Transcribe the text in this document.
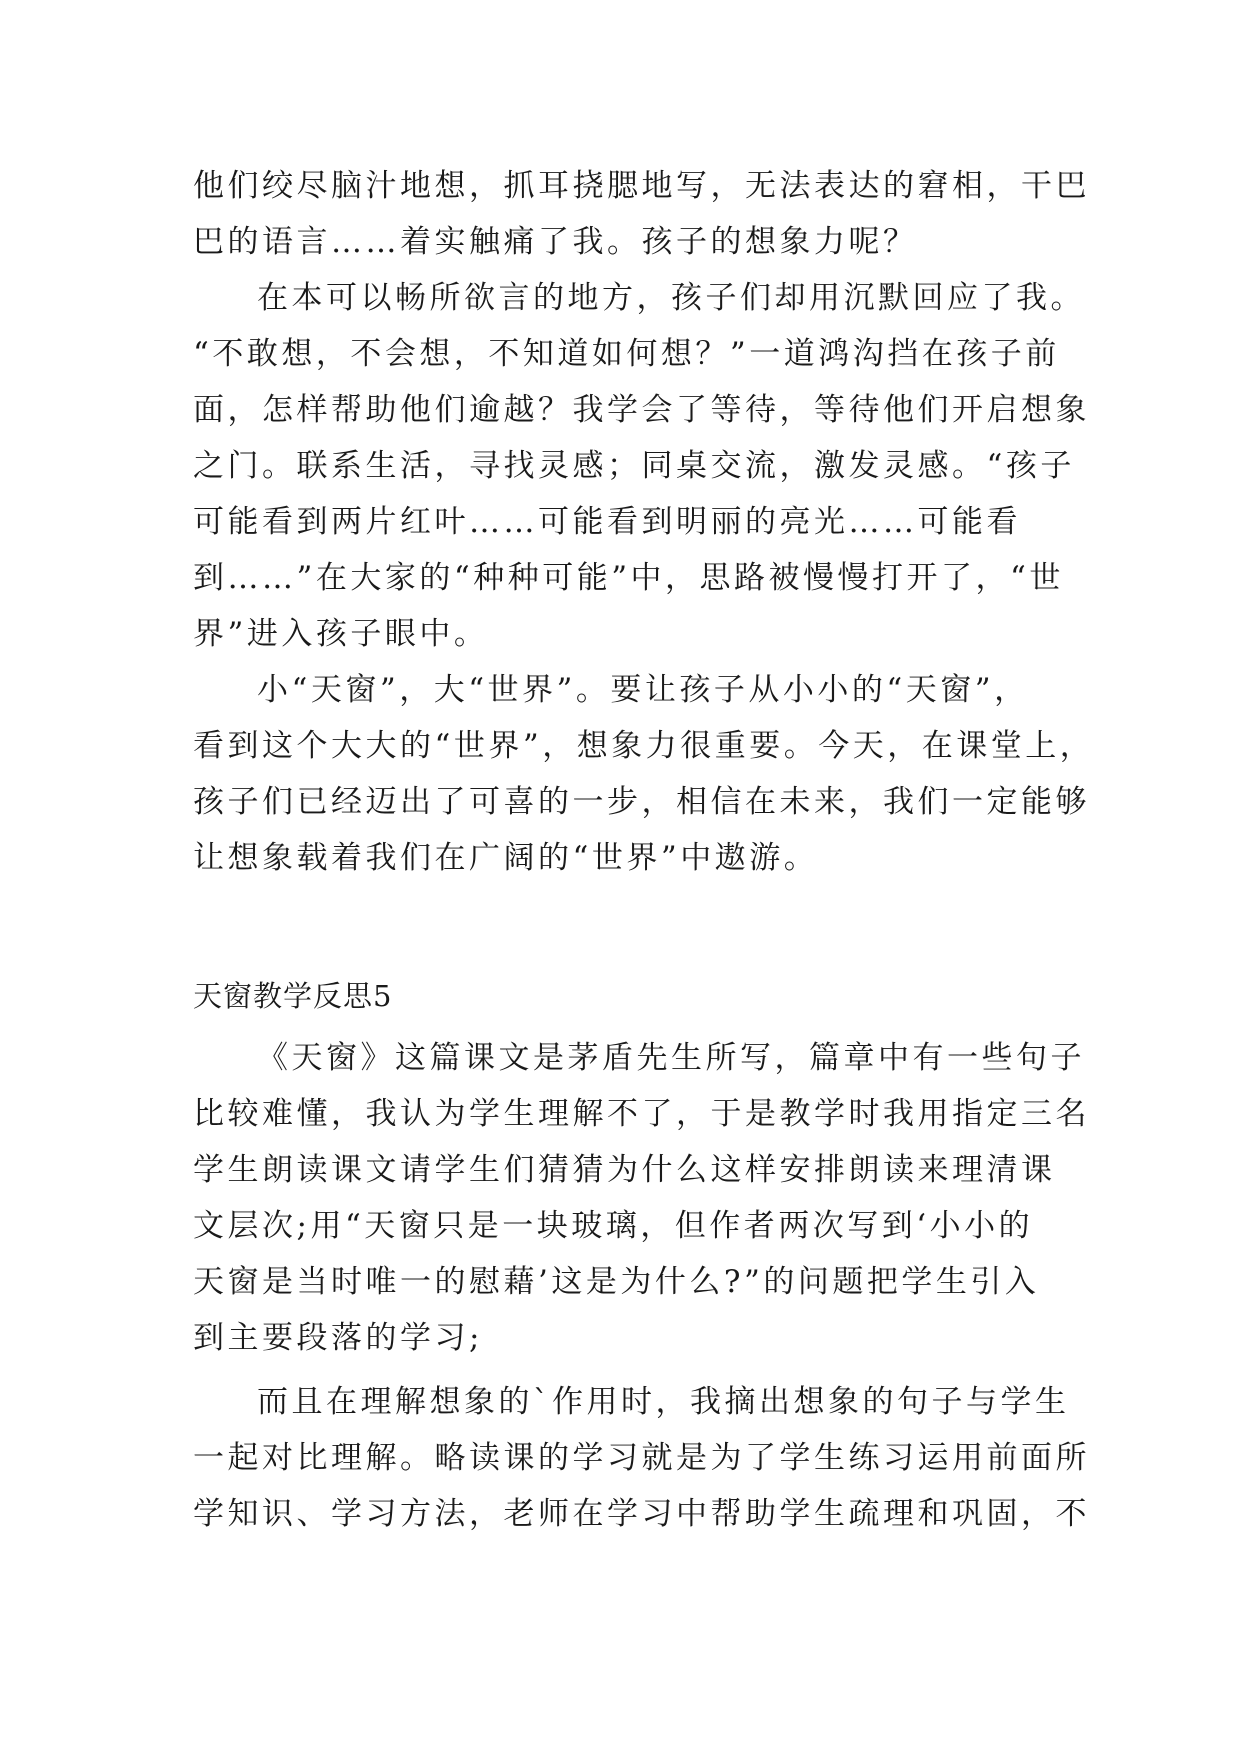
他们绞尽脑汁地想，抓耳挠腮地写，无法表达的窘相，干巴
巴的语言……着实触痛了我。孩子的想象力呢？
在本可以畅所欲言的地方，孩子们却用沉默回应了我。
“不敢想，不会想，不知道如何想？”一道鸿沟挡在孩子前
面，怎样帮助他们逾越？我学会了等待，等待他们开启想象
之门。联系生活，寻找灵感；同桌交流，激发灵感。“孩子
可能看到两片红叶……可能看到明丽的亮光……可能看
到……”在大家的“种种可能”中，思路被慢慢打开了，“世
界”进入孩子眼中。
小“天窗”，大“世界”。要让孩子从小小的“天窗”，
看到这个大大的“世界”，想象力很重要。今天，在课堂上，
孩子们已经迈出了可喜的一步，相信在未来，我们一定能够
让想象载着我们在广阔的“世界”中遨游。
天窗教学反思5
《天窗》这篇课文是茅盾先生所写，篇章中有一些句子
比较难懂，我认为学生理解不了，于是教学时我用指定三名
学生朗读课文请学生们猜猜为什么这样安排朗读来理清课
文层次;用“天窗只是一块玻璃，但作者两次写到‘小小的
天窗是当时唯一的慰藉’这是为什么?”的问题把学生引入
到主要段落的学习;
而且在理解想象的`作用时，我摘出想象的句子与学生
一起对比理解。略读课的学习就是为了学生练习运用前面所
学知识、学习方法，老师在学习中帮助学生疏理和巩固，不
